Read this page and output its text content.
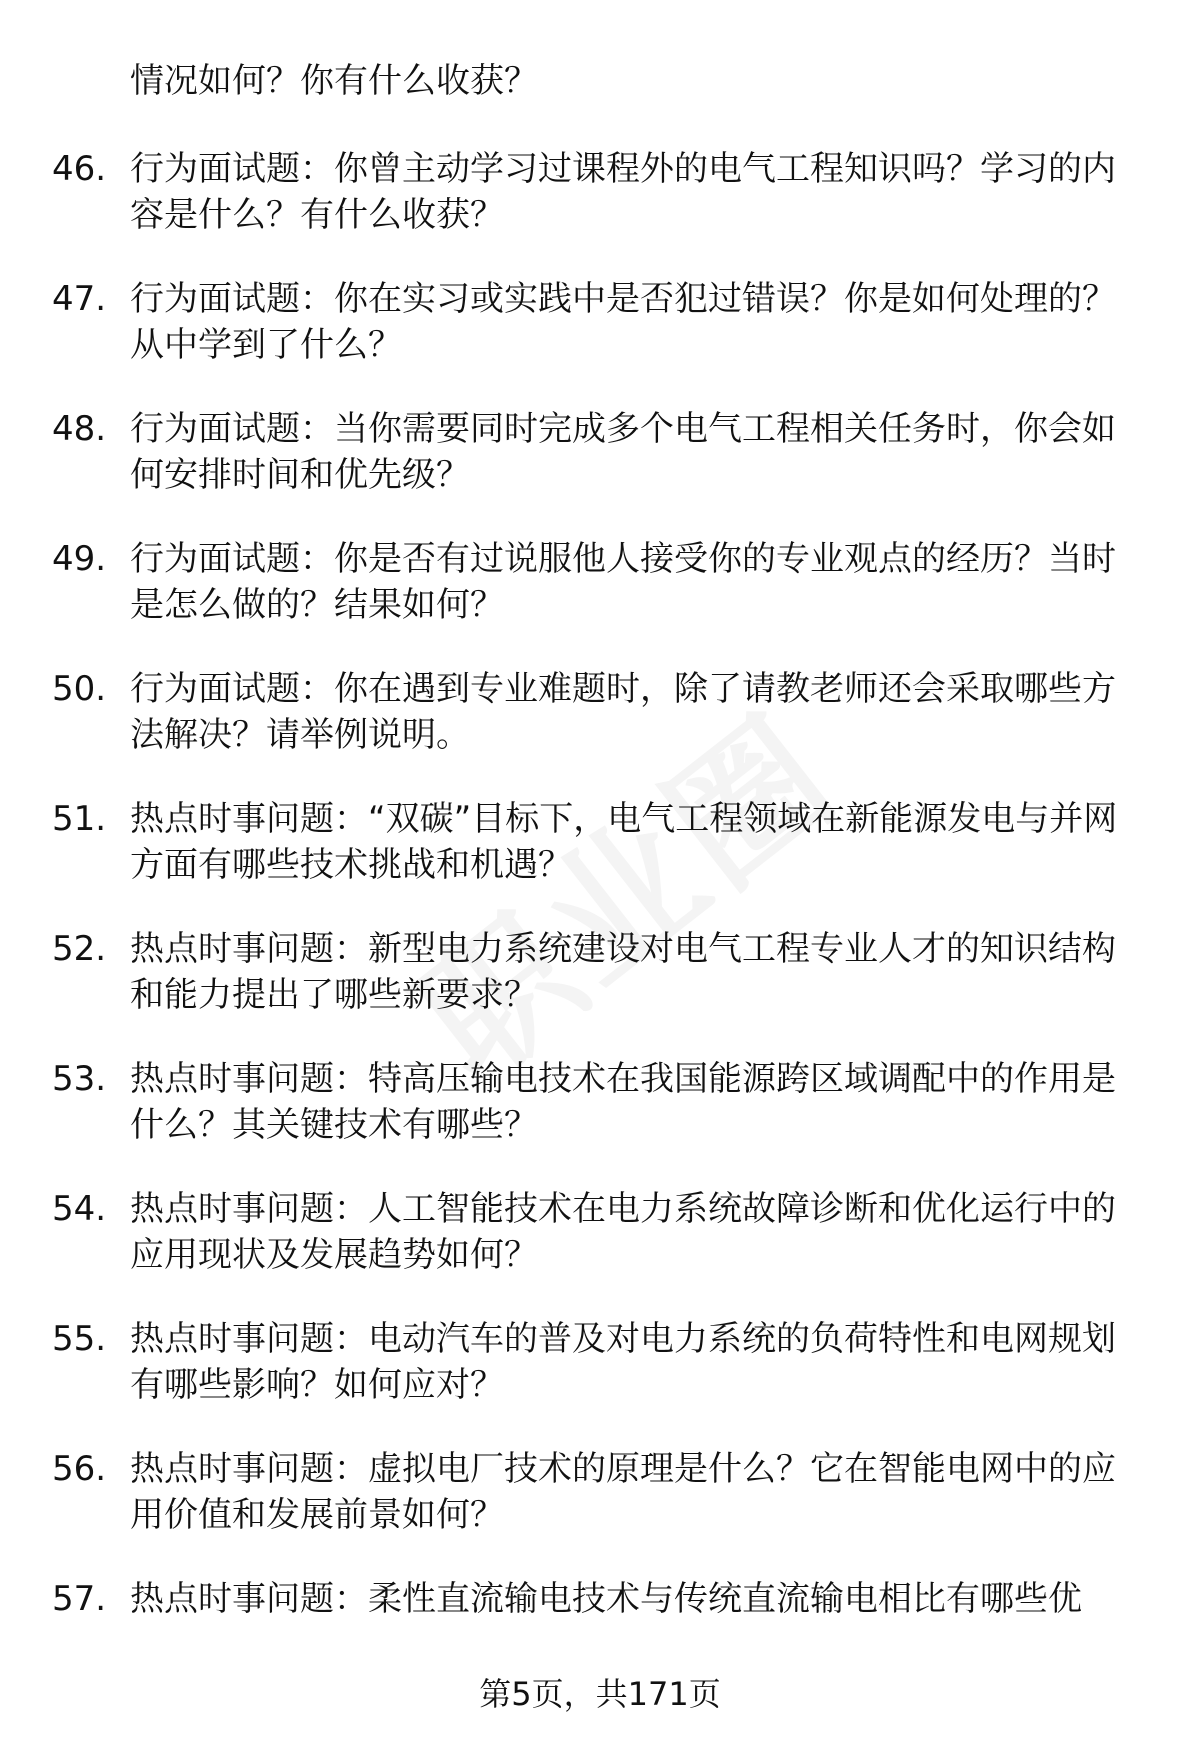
情况如何？你有什么收获？

46. 行为面试题：你曾主动学习过课程外的电气工程知识吗？学习的内容是什么？有什么收获？
47. 行为面试题：你在实习或实践中是否犯过错误？你是如何处理的？从中学到了什么？
48. 行为面试题：当你需要同时完成多个电气工程相关任务时，你会如何安排时间和优先级？
49. 行为面试题：你是否有过说服他人接受你的专业观点的经历？当时是怎么做的？结果如何？
50. 行为面试题：你在遇到专业难题时，除了请教老师还会采取哪些方法解决？请举例说明。
51. 热点时事问题：“双碳”目标下，电气工程领域在新能源发电与并网方面有哪些技术挑战和机遇？
52. 热点时事问题：新型电力系统建设对电气工程专业人才的知识结构和能力提出了哪些新要求？
53. 热点时事问题：特高压输电技术在我国能源跨区域调配中的作用是什么？其关键技术有哪些？
54. 热点时事问题：人工智能技术在电力系统故障诊断和优化运行中的应用现状及发展趋势如何？
55. 热点时事问题：电动汽车的普及对电力系统的负荷特性和电网规划有哪些影响？如何应对？
56. 热点时事问题：虚拟电厂技术的原理是什么？它在智能电网中的应用价值和发展前景如何？
57. 热点时事问题：柔性直流输电技术与传统直流输电相比有哪些优
第5页，共171页
